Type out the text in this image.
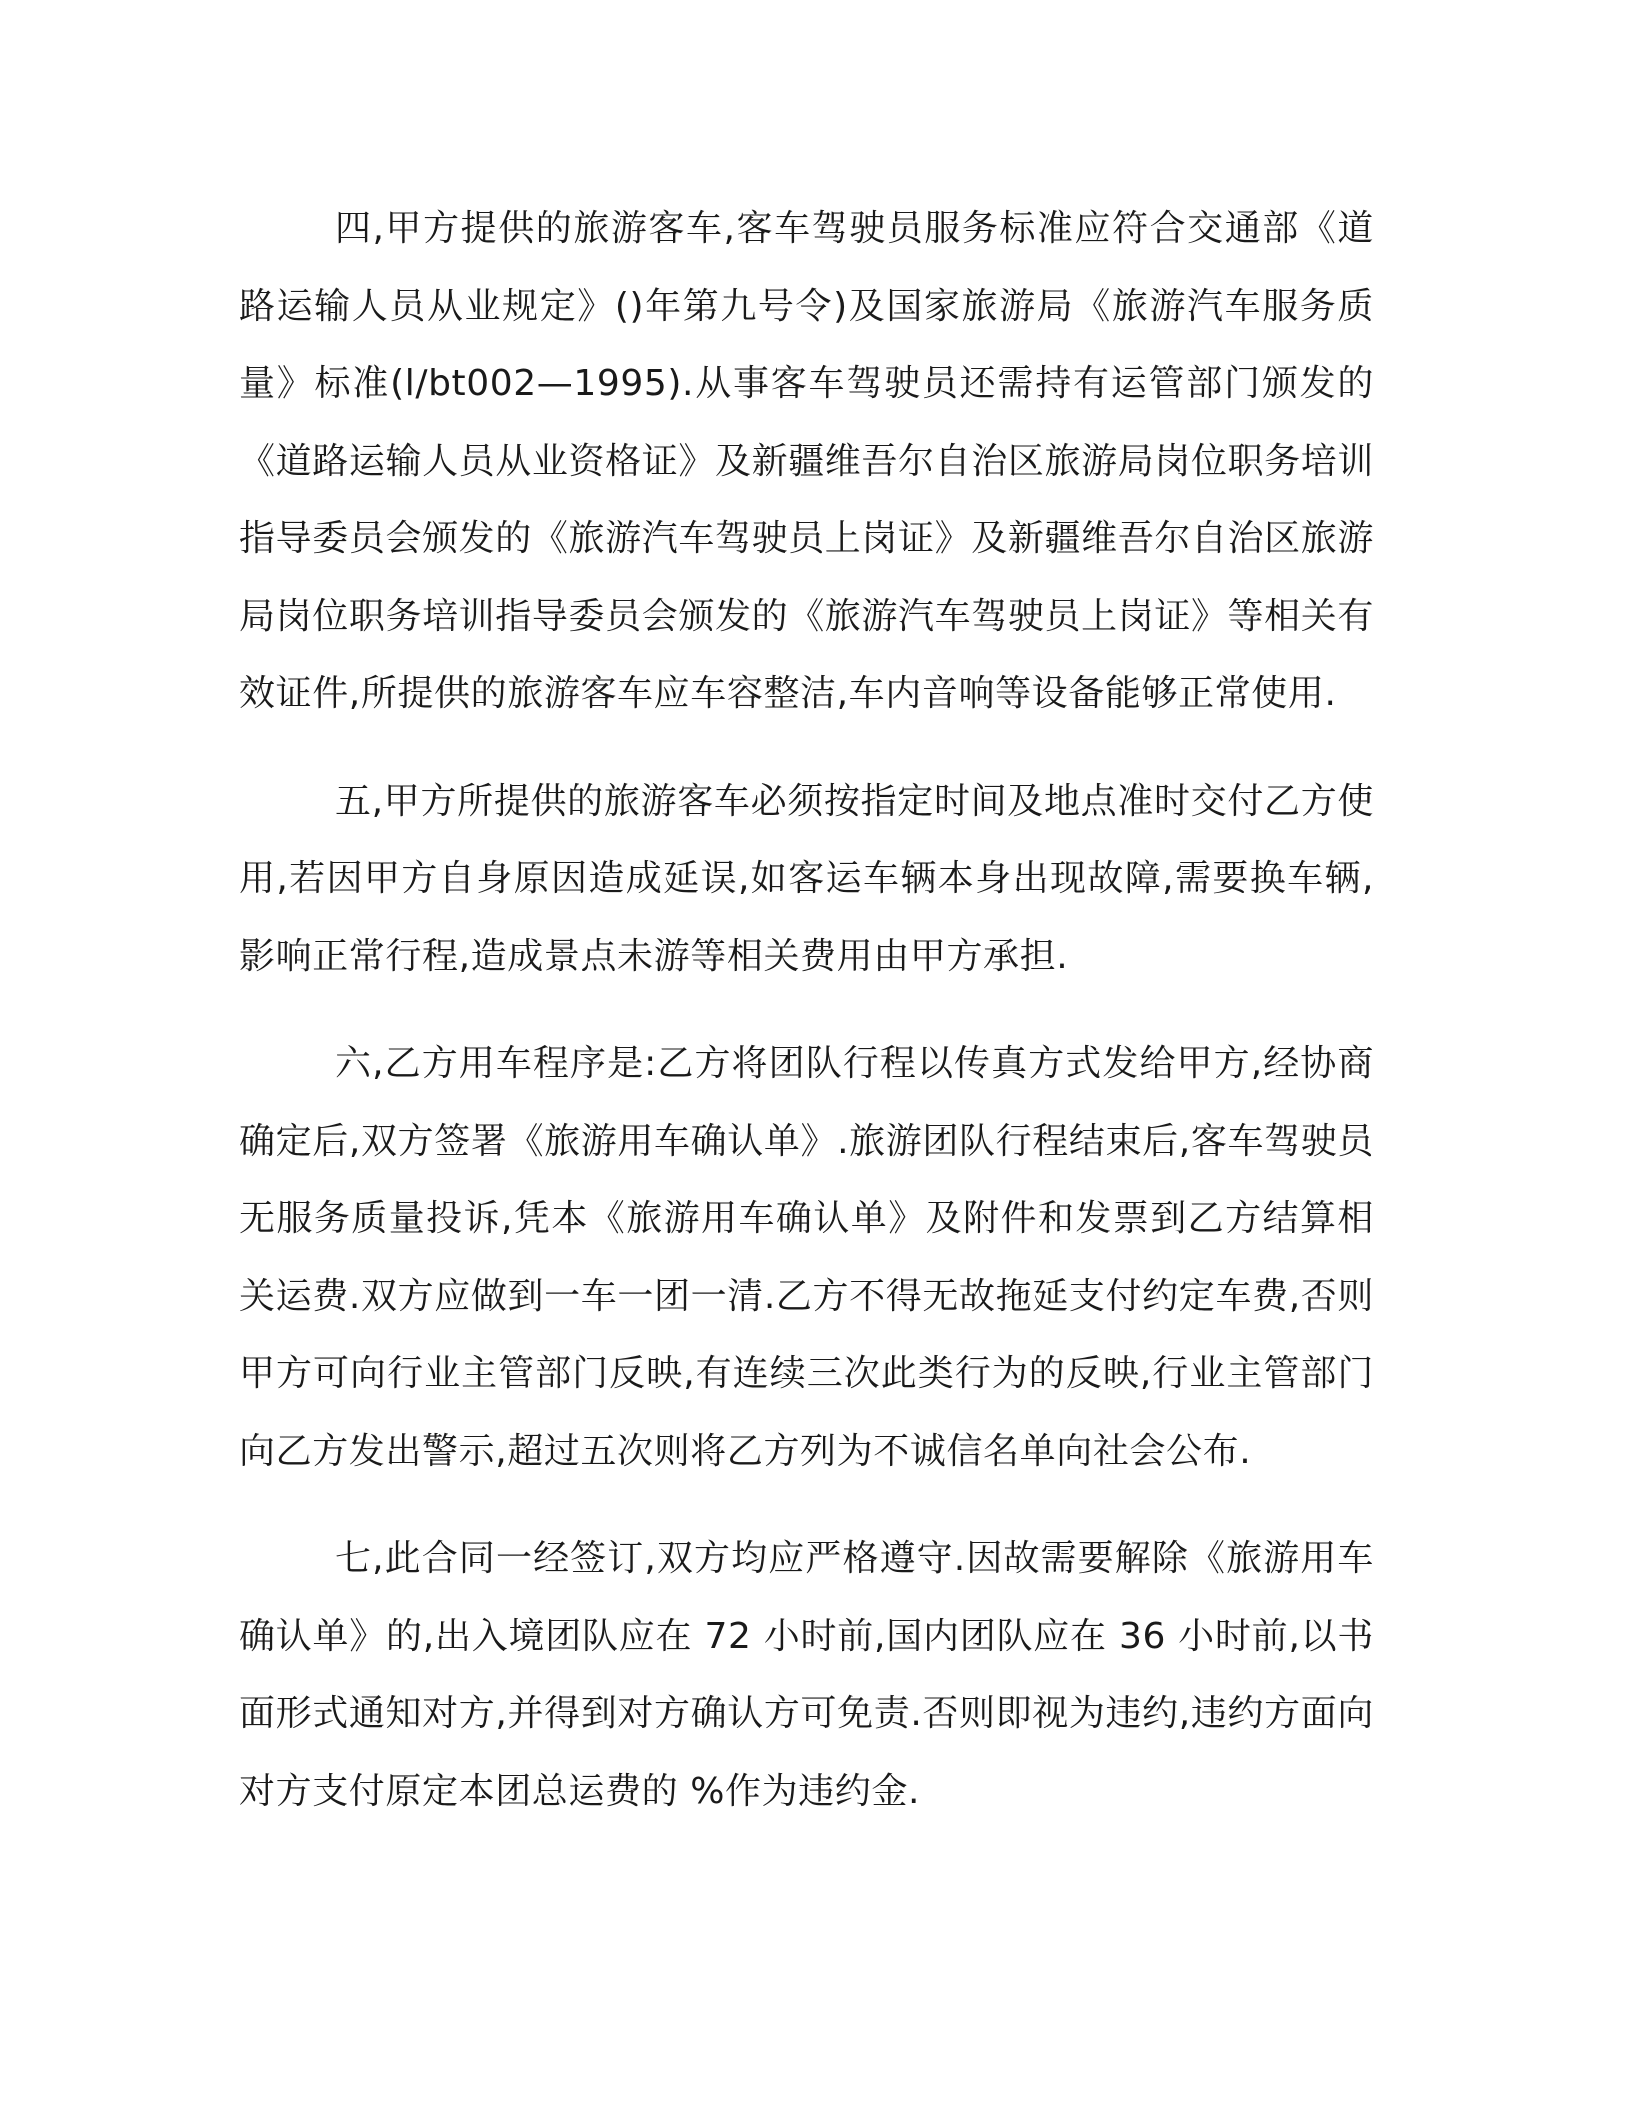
四,甲方提供的旅游客车,客车驾驶员服务标准应符合交通部《道路运输人员从业规定》()年第九号令)及国家旅游局《旅游汽车服务质量》标准(l/bt002—1995).从事客车驾驶员还需持有运管部门颁发的《道路运输人员从业资格证》及新疆维吾尔自治区旅游局岗位职务培训指导委员会颁发的《旅游汽车驾驶员上岗证》及新疆维吾尔自治区旅游局岗位职务培训指导委员会颁发的《旅游汽车驾驶员上岗证》等相关有效证件,所提供的旅游客车应车容整洁,车内音响等设备能够正常使用.

五,甲方所提供的旅游客车必须按指定时间及地点准时交付乙方使用,若因甲方自身原因造成延误,如客运车辆本身出现故障,需要换车辆,影响正常行程,造成景点未游等相关费用由甲方承担.

六,乙方用车程序是:乙方将团队行程以传真方式发给甲方,经协商确定后,双方签署《旅游用车确认单》.旅游团队行程结束后,客车驾驶员无服务质量投诉,凭本《旅游用车确认单》及附件和发票到乙方结算相关运费.双方应做到一车一团一清.乙方不得无故拖延支付约定车费,否则甲方可向行业主管部门反映,有连续三次此类行为的反映,行业主管部门向乙方发出警示,超过五次则将乙方列为不诚信名单向社会公布.

七,此合同一经签订,双方均应严格遵守.因故需要解除《旅游用车确认单》的,出入境团队应在 72 小时前,国内团队应在 36 小时前,以书面形式通知对方,并得到对方确认方可免责.否则即视为违约,违约方面向对方支付原定本团总运费的 %作为违约金.
